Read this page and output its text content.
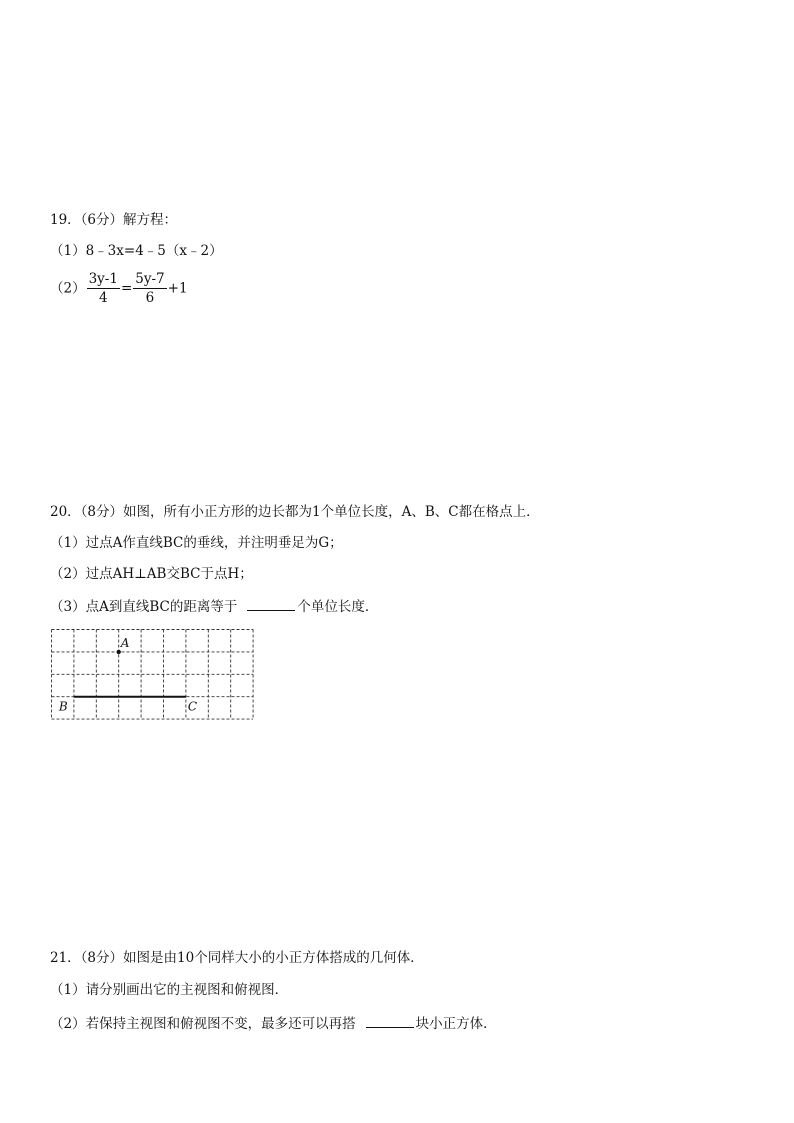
19．（6分）解方程：
（1）8﹣3x=4﹣5（x﹣2）
$(2) \frac{3y-1}{4} = \frac{5y-7}{6} +1$
20．（8分）如图，所有小正方形的边长都为1个单位长度，A、B、C都在格点上．
（1）过点A作直线BC的垂线，并注明垂足为G；
（2）过点AH⊥AB交BC于点H；
（3）点A到直线BC的距离等于	个单位长度．
A
B	C
21．（8分）如图是由10个同样大小的小正方体搭成的几何体．
（1）请分别画出它的主视图和俯视图．
（2）若保持主视图和俯视图不变，最多还可以再搭	块小正方体．
